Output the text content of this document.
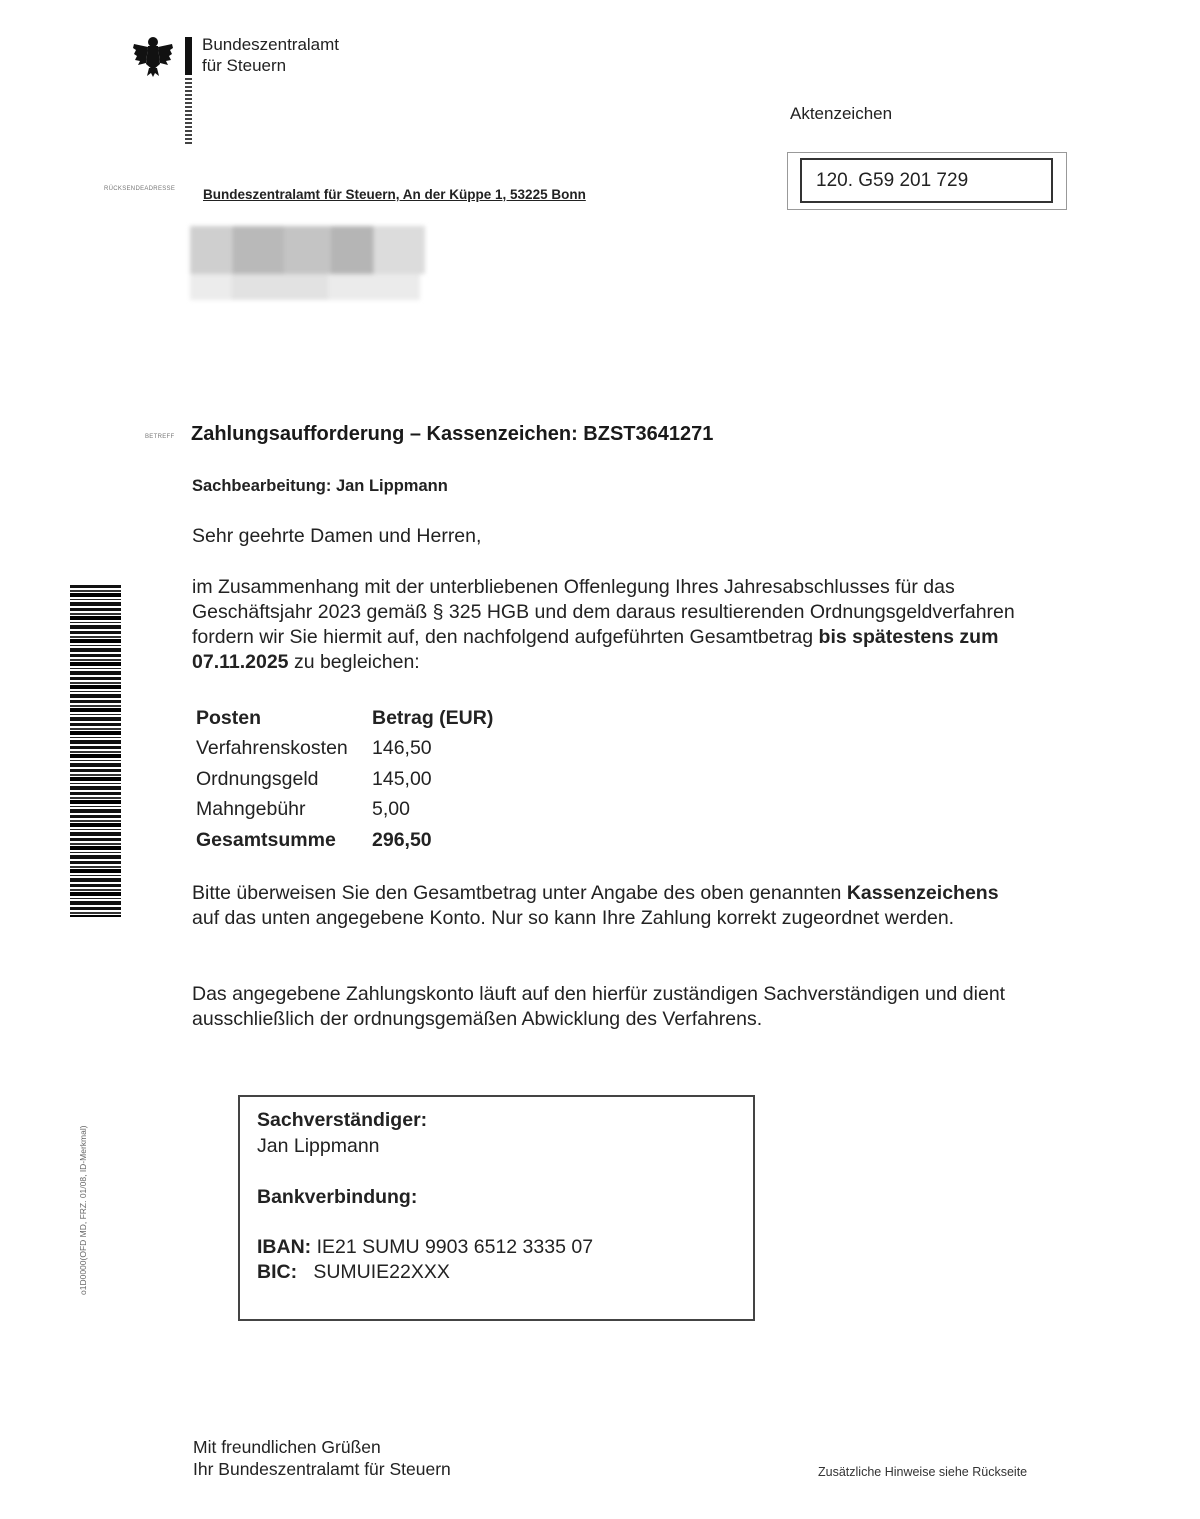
Bundeszentralamt
für Steuern
Aktenzeichen
120. G59 201 729
RÜCKSENDEADRESSE Bundeszentralamt für Steuern, An der Küppe 1, 53225 Bonn
BETREFF Zahlungsaufforderung – Kassenzeichen: BZST3641271
Sachbearbeitung: Jan Lippmann
Sehr geehrte Damen und Herren,
im Zusammenhang mit der unterbliebenen Offenlegung Ihres Jahresabschlusses für das Geschäftsjahr 2023 gemäß § 325 HGB und dem daraus resultierenden Ordnungsgeldverfahren fordern wir Sie hiermit auf, den nachfolgend aufgeführten Gesamtbetrag bis spätestens zum 07.11.2025 zu begleichen:
Posten	Betrag (EUR)
Verfahrenskosten	146,50
Ordnungsgeld	145,00
Mahngebühr	5,00
Gesamtsumme	296,50
Bitte überweisen Sie den Gesamtbetrag unter Angabe des oben genannten Kassenzeichens auf das unten angegebene Konto. Nur so kann Ihre Zahlung korrekt zugeordnet werden.
Das angegebene Zahlungskonto läuft auf den hierfür zuständigen Sachverständigen und dient ausschließlich der ordnungsgemäßen Abwicklung des Verfahrens.
o1D0000(OFD MD, FRZ. 01/08, ID-Merkmal)
Sachverständiger:
Jan Lippmann
Bankverbindung:
IBAN: IE21 SUMU 9903 6512 3335 07
BIC: SUMUIE22XXX
Mit freundlichen Grüßen
Ihr Bundeszentralamt für Steuern	Zusätzliche Hinweise siehe Rückseite
